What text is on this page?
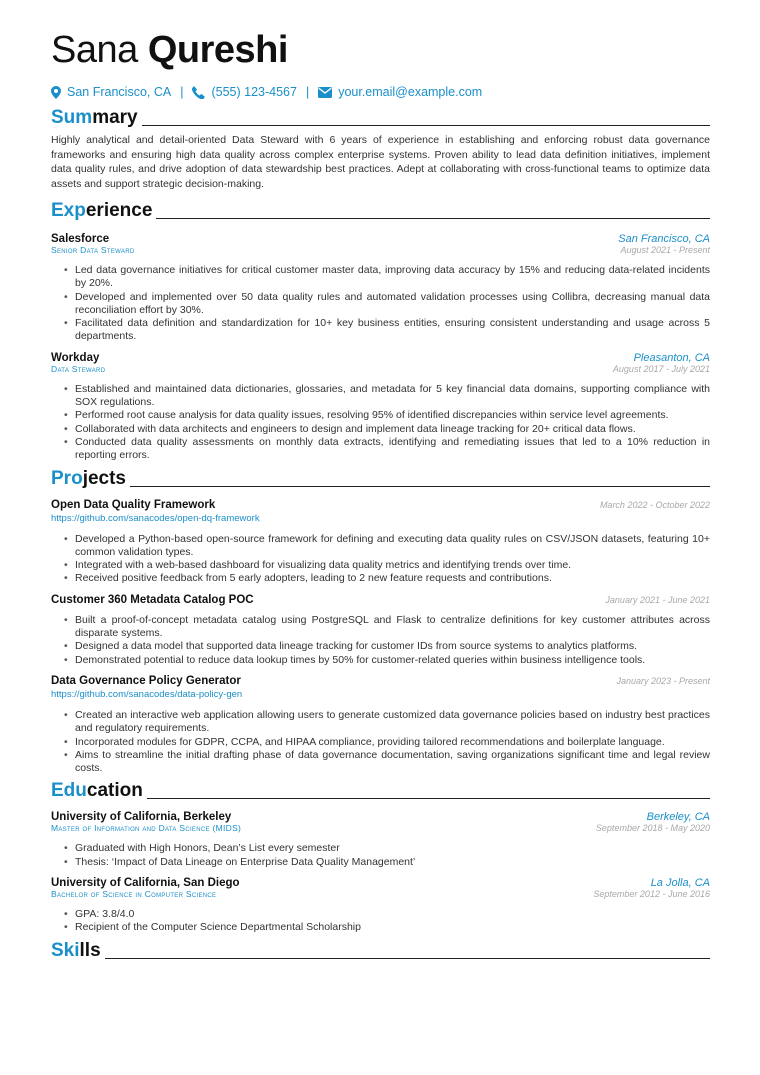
Sana Qureshi
San Francisco, CA | (555) 123-4567 | your.email@example.com
Summary
Highly analytical and detail-oriented Data Steward with 6 years of experience in establishing and enforcing robust data governance frameworks and ensuring high data quality across complex enterprise systems. Proven ability to lead data definition initiatives, implement data quality rules, and drive adoption of data stewardship best practices. Adept at collaborating with cross-functional teams to optimize data assets and support strategic decision-making.
Experience
Salesforce	San Francisco, CA
Senior Data Steward	August 2021 - Present
• Led data governance initiatives for critical customer master data, improving data accuracy by 15% and reducing data-related incidents by 20%.
• Developed and implemented over 50 data quality rules and automated validation processes using Collibra, decreasing manual data reconciliation effort by 30%.
• Facilitated data definition and standardization for 10+ key business entities, ensuring consistent understanding and usage across 5 departments.
Workday	Pleasanton, CA
Data Steward	August 2017 - July 2021
• Established and maintained data dictionaries, glossaries, and metadata for 5 key financial data domains, supporting compliance with SOX regulations.
• Performed root cause analysis for data quality issues, resolving 95% of identified discrepancies within service level agreements.
• Collaborated with data architects and engineers to design and implement data lineage tracking for 20+ critical data flows.
• Conducted data quality assessments on monthly data extracts, identifying and remediating issues that led to a 10% reduction in reporting errors.
Projects
Open Data Quality Framework	March 2022 - October 2022
https://github.com/sanacodes/open-dq-framework
• Developed a Python-based open-source framework for defining and executing data quality rules on CSV/JSON datasets, featuring 10+ common validation types.
• Integrated with a web-based dashboard for visualizing data quality metrics and identifying trends over time.
• Received positive feedback from 5 early adopters, leading to 2 new feature requests and contributions.
Customer 360 Metadata Catalog POC	January 2021 - June 2021
• Built a proof-of-concept metadata catalog using PostgreSQL and Flask to centralize definitions for key customer attributes across disparate systems.
• Designed a data model that supported data lineage tracking for customer IDs from source systems to analytics platforms.
• Demonstrated potential to reduce data lookup times by 50% for customer-related queries within business intelligence tools.
Data Governance Policy Generator	January 2023 - Present
https://github.com/sanacodes/data-policy-gen
• Created an interactive web application allowing users to generate customized data governance policies based on industry best practices and regulatory requirements.
• Incorporated modules for GDPR, CCPA, and HIPAA compliance, providing tailored recommendations and boilerplate language.
• Aims to streamline the initial drafting phase of data governance documentation, saving organizations significant time and legal review costs.
Education
University of California, Berkeley	Berkeley, CA
Master of Information and Data Science (MIDS)	September 2018 - May 2020
• Graduated with High Honors, Dean’s List every semester
• Thesis: ‘Impact of Data Lineage on Enterprise Data Quality Management’
University of California, San Diego	La Jolla, CA
Bachelor of Science in Computer Science	September 2012 - June 2016
• GPA: 3.8/4.0
• Recipient of the Computer Science Departmental Scholarship
Skills
